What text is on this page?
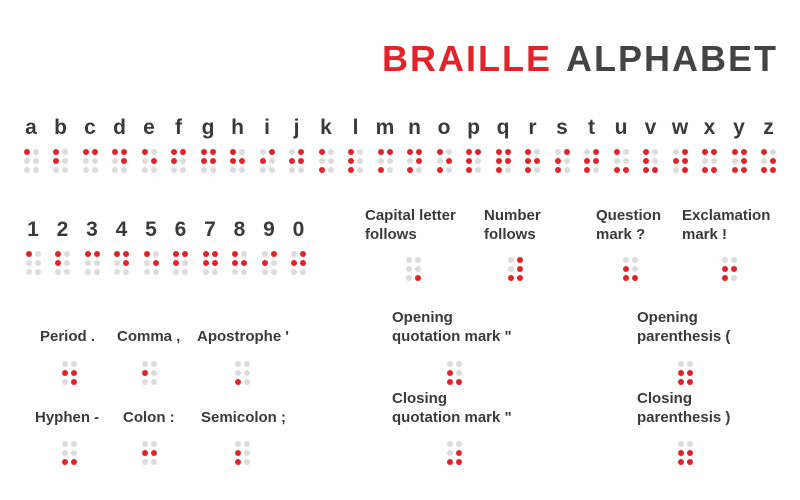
BRAILLE ALPHABET
a b c d e f g h i	j k l m n o p q r s t u v w x y z
1 2 3 4 5 6 7 8 9 0
Capital letter
follows
Number
follows
Question
mark ?
Exclamation
mark !
Period . Comma , Apostrophe '
Opening
quotation mark "
Opening
parenthesis (
Hyphen - Colon : Semicolon ;
Closing
quotation mark "
Closing
parenthesis )
